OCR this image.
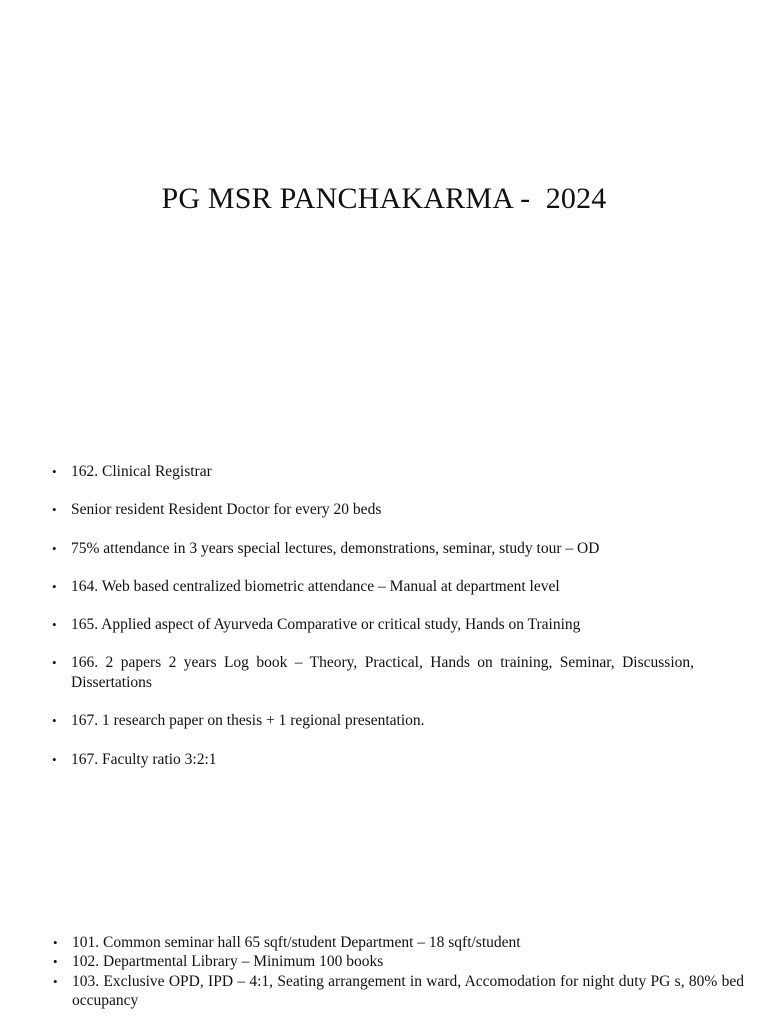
PG MSR PANCHAKARMA -  2024
• 162. Clinical Registrar
• Senior resident Resident Doctor for every 20 beds
• 75% attendance in 3 years special lectures, demonstrations, seminar, study tour – OD
• 164. Web based centralized biometric attendance – Manual at department level
• 165. Applied aspect of Ayurveda Comparative or critical study, Hands on Training
• 166. 2 papers 2 years Log book – Theory, Practical, Hands on training, Seminar, Discussion, Dissertations
• 167. 1 research paper on thesis + 1 regional presentation.
• 167. Faculty ratio 3:2:1
• 101. Common seminar hall 65 sqft/student Department – 18 sqft/student
• 102. Departmental Library – Minimum 100 books
• 103. Exclusive OPD, IPD – 4:1, Seating arrangement in ward, Accomodation for night duty PG s, 80% bed occupancy
